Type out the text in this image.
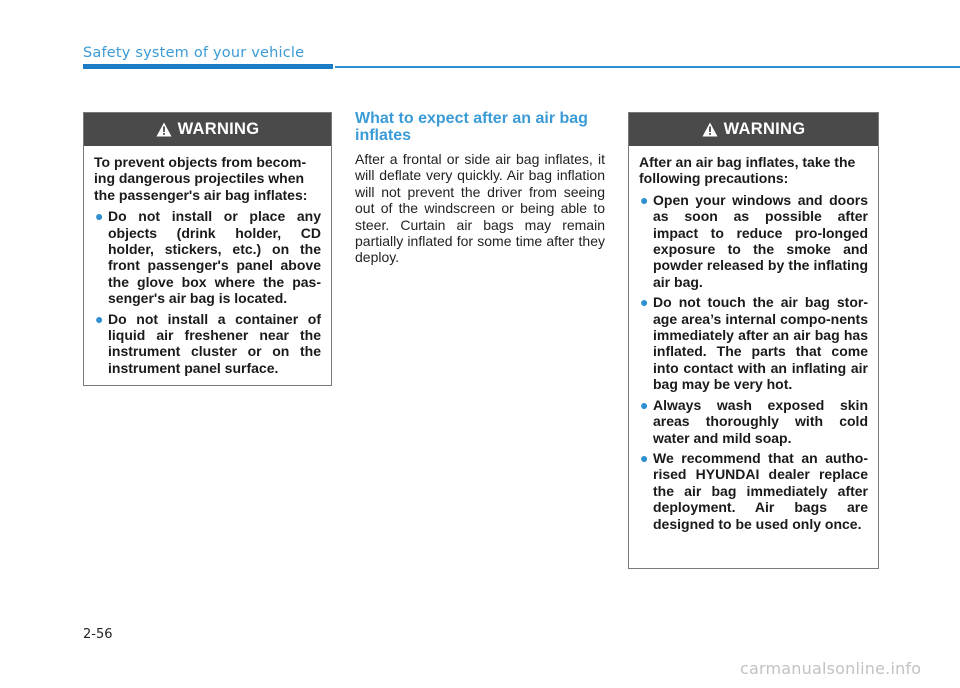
Safety system of your vehicle
WARNING

To prevent objects from becom-ing dangerous projectiles when the passenger's air bag inflates:

● Do not install or place any objects (drink holder, CD holder, stickers, etc.) on the front passenger's panel above the glove box where the pas-senger's air bag is located.
● Do not install a container of liquid air freshener near the instrument cluster or on the instrument panel surface.
What to expect after an air bag inflates

After a frontal or side air bag inflates, it will deflate very quickly. Air bag inflation will not prevent the driver from seeing out of the windscreen or being able to steer. Curtain air bags may remain partially inflated for some time after they deploy.

WARNING

After an air bag inflates, take the following precautions:

● Open your windows and doors as soon as possible after impact to reduce pro-longed exposure to the smoke and powder released by the inflating air bag.
● Do not touch the air bag stor-age area’s internal compo-nents immediately after an air bag has inflated. The parts that come into contact with an inflating air bag may be very hot.
● Always wash exposed skin areas thoroughly with cold water and mild soap.
● We recommend that an autho-rised HYUNDAI dealer replace the air bag immediately after deployment. Air bags are designed to be used only once.
2-56
carmanualsonline.info
